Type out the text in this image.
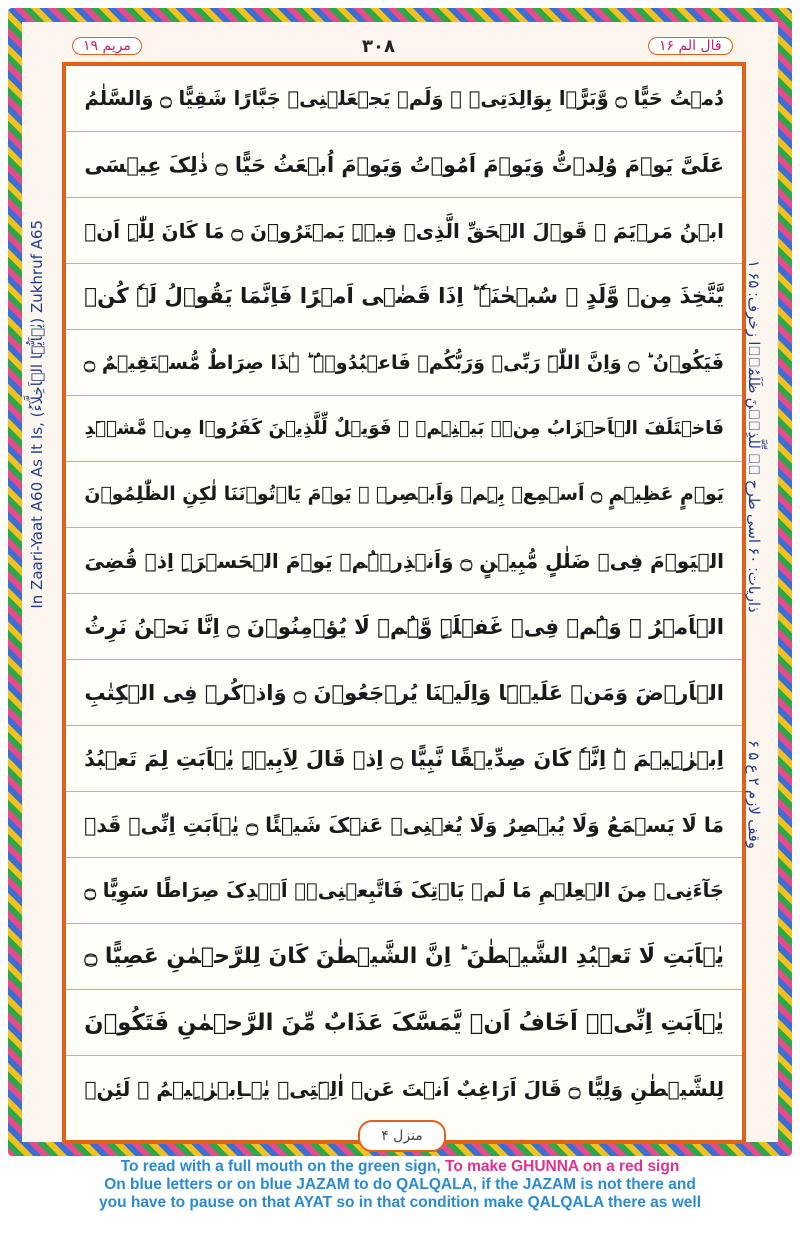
مریم ۱۹	۳۰۸	قال الم ۱۶
دُمۡتُ حَیًّا ۝ وَّبَرًّۢا بِوَالِدَتِیۡ ۫ وَلَمۡ یَجۡعَلۡنِیۡ جَبَّارًا شَقِیًّا ۝ وَالسَّلٰمُ
عَلَیَّ یَوۡمَ وُلِدۡتُّ وَیَوۡمَ اَمُوۡتُ وَیَوۡمَ اُبۡعَثُ حَیًّا ۝ ذٰلِکَ عِیۡسَی
ابۡنُ مَرۡیَمَ ۚ قَوۡلَ الۡحَقِّ الَّذِیۡ فِیۡہِ یَمۡتَرُوۡنَ ۝ مَا کَانَ لِلّٰہِ اَنۡ
یَّتَّخِذَ مِنۡ وَّلَدٍ ۙ سُبۡحٰنَہٗ ؕ اِذَا قَضٰۤی اَمۡرًا فَاِنَّمَا یَقُوۡلُ لَہٗ کُنۡ
فَیَکُوۡنُ ؕ ۝ وَاِنَّ اللّٰہَ رَبِّیۡ وَرَبُّکُمۡ فَاعۡبُدُوۡہُ ؕ ہٰذَا صِرَاطٌ مُّسۡتَقِیۡمٌ ۝
فَاخۡتَلَفَ الۡاَحۡزَابُ مِنۡۢ بَیۡنِہِمۡ ۚ فَوَیۡلٌ لِّلَّذِیۡنَ کَفَرُوۡا مِنۡ مَّشۡہَدِ
یَوۡمٍ عَظِیۡمٍ ۝ اَسۡمِعۡ بِہِمۡ وَاَبۡصِرۡ ۙ یَوۡمَ یَاۡتُوۡنَنَا لٰکِنِ الظّٰلِمُوۡنَ
الۡیَوۡمَ فِیۡ ضَلٰلٍ مُّبِیۡنٍ ۝ وَاَنۡذِرۡہُمۡ یَوۡمَ الۡحَسۡرَۃِ اِذۡ قُضِیَ
الۡاَمۡرُ ۘ وَہُمۡ فِیۡ غَفۡلَۃٍ وَّہُمۡ لَا یُؤۡمِنُوۡنَ ۝ اِنَّا نَحۡنُ نَرِثُ
الۡاَرۡضَ وَمَنۡ عَلَیۡہَا وَاِلَیۡنَا یُرۡجَعُوۡنَ ۝ وَاذۡکُرۡ فِی الۡکِتٰبِ
اِبۡرٰہِیۡمَ ۬ؕ اِنَّہٗ کَانَ صِدِّیۡقًا نَّبِیًّا ۝ اِذۡ قَالَ لِاَبِیۡہِ یٰۤاَبَتِ لِمَ تَعۡبُدُ
مَا لَا یَسۡمَعُ وَلَا یُبۡصِرُ وَلَا یُغۡنِیۡ عَنۡکَ شَیۡئًا ۝ یٰۤاَبَتِ اِنِّیۡ قَدۡ
جَآءَنِیۡ مِنَ الۡعِلۡمِ مَا لَمۡ یَاۡتِکَ فَاتَّبِعۡنِیۡۤ اَہۡدِکَ صِرَاطًا سَوِیًّا ۝
یٰۤاَبَتِ لَا تَعۡبُدِ الشَّیۡطٰنَ ؕ اِنَّ الشَّیۡطٰنَ کَانَ لِلرَّحۡمٰنِ عَصِیًّا ۝
یٰۤاَبَتِ اِنِّیۡۤ اَخَافُ اَنۡ یَّمَسَّکَ عَذَابٌ مِّنَ الرَّحۡمٰنِ فَتَکُوۡنَ
لِلشَّیۡطٰنِ وَلِیًّا ۝ قَالَ اَرَاغِبٌ اَنۡتَ عَنۡ اٰلِہَتِیۡ یٰۤـاِبۡرٰہِیۡمُ ۚ لَئِنۡ
In Zaari-Yaat A60 As It Is, (یٰۤاَیُّہَا الۡاَخِلَّآءُ) Zukhruf A65	۱ ذاریات: ۶۰ اسی طرح ہے لِّلَّذِیۡنَ ظَلَمُوۡا زخرف: ۶۵
وقف لازم ۲ ع ۵ ۶
منزل ۴
To read with a full mouth on the green sign, To make GHUNNA on a red sign
On blue letters or on blue JAZAM to do QALQALA, if the JAZAM is not there and
you have to pause on that AYAT so in that condition make QALQALA there as well
